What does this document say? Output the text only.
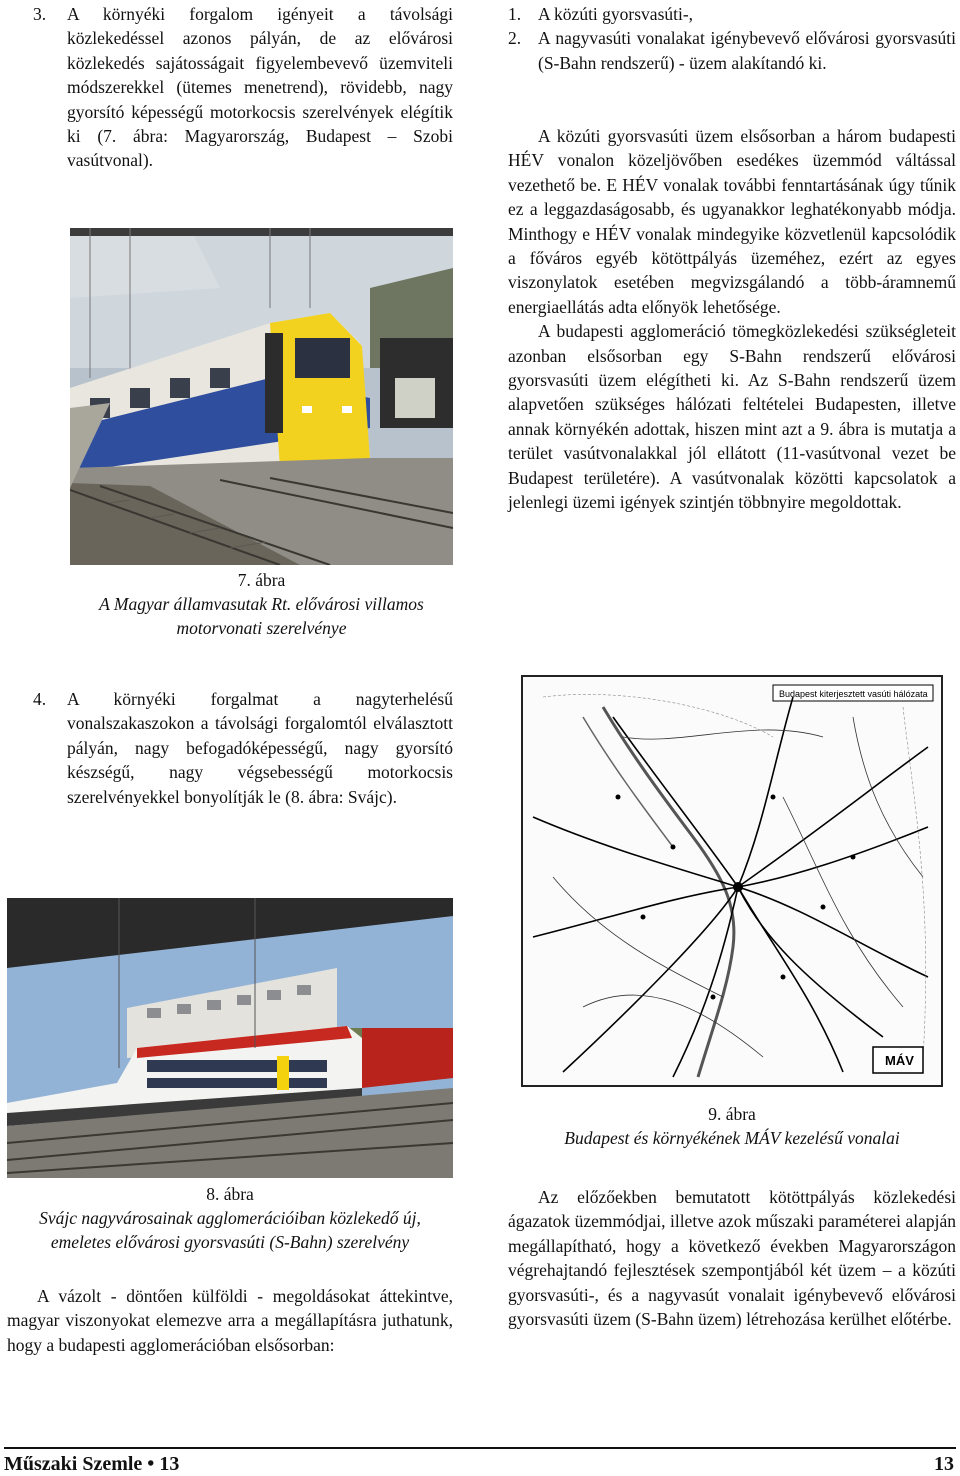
3.	A környéki forgalom igényeit a távolsági közlekedéssel azonos pályán, de az elővárosi közlekedés sajátosságait figyelembevevő üzemviteli módszerekkel (ütemes menetrend), rövidebb, nagy gyorsító képességű motorkocsis szerelvények elégítik ki (7. ábra: Magyarország, Budapest – Szobi vasútvonal).
7. ábra
A Magyar államvasutak Rt. elővárosi villamos motorvonati szerelvénye
4.	A környéki forgalmat a nagyterhelésű vonalszakaszokon a távolsági forgalomtól elválasztott pályán, nagy befogadóképességű, nagy gyorsító készségű, nagy végsebességű motorkocsis szerelvényekkel bonyolítják le (8. ábra: Svájc).
8. ábra
Svájc nagyvárosainak agglomerációiban közlekedő új, emeletes elővárosi gyorsvasúti (S-Bahn) szerelvény

A vázolt - döntően külföldi - megoldásokat áttekintve, magyar viszonyokat elemezve arra a megállapításra juthatunk, hogy a budapesti agglomerációban elsősorban:

1. A közúti gyorsvasúti-,
2. A nagyvasúti vonalakat igénybevevő elővárosi gyorsvasúti (S-Bahn rendszerű) - üzem alakítandó ki.

A közúti gyorsvasúti üzem elsősorban a három budapesti HÉV vonalon közeljövőben esedékes üzemmód váltással vezethető be. E HÉV vonalak további fenntartásának úgy tűnik ez a leggazdaságosabb, és ugyanakkor leghatékonyabb módja. Minthogy e HÉV vonalak mindegyike közvetlenül kapcsolódik a főváros egyéb kötöttpályás üzeméhez, ezért az egyes viszonylatok esetében megvizsgálandó a több-áramnemű energiaellátás adta előnyök lehetősége.

A budapesti agglomeráció tömegközlekedési szükségleteit azonban elsősorban egy S-Bahn rendszerű elővárosi gyorsvasúti üzem elégítheti ki. Az S-Bahn rendszerű üzem alapvetően szükséges hálózati feltételei Budapesten, illetve annak környékén adottak, hiszen mint azt a 9. ábra is mutatja a terület vasútvonalakkal jól ellátott (11-vasútvonal vezet be Budapest területére). A vasútvonalak közötti kapcsolatok a jelenlegi üzemi igények szintjén többnyire megoldottak.

Budapest kiterjesztett vasúti hálózata
MÁV
9. ábra
Budapest és környékének MÁV kezelésű vonalai

Az előzőekben bemutatott kötöttpályás közlekedési ágazatok üzemmódjai, illetve azok műszaki paraméterei alapján megállapítható, hogy a következő években Magyarországon végrehajtandó fejlesztések szempontjából két üzem – a közúti gyorsvasúti-, és a nagyvasút vonalait igénybevevő elővárosi gyorsvasúti üzem (S-Bahn üzem) létrehozása kerülhet előtérbe.

Műszaki Szemle • 13	13
